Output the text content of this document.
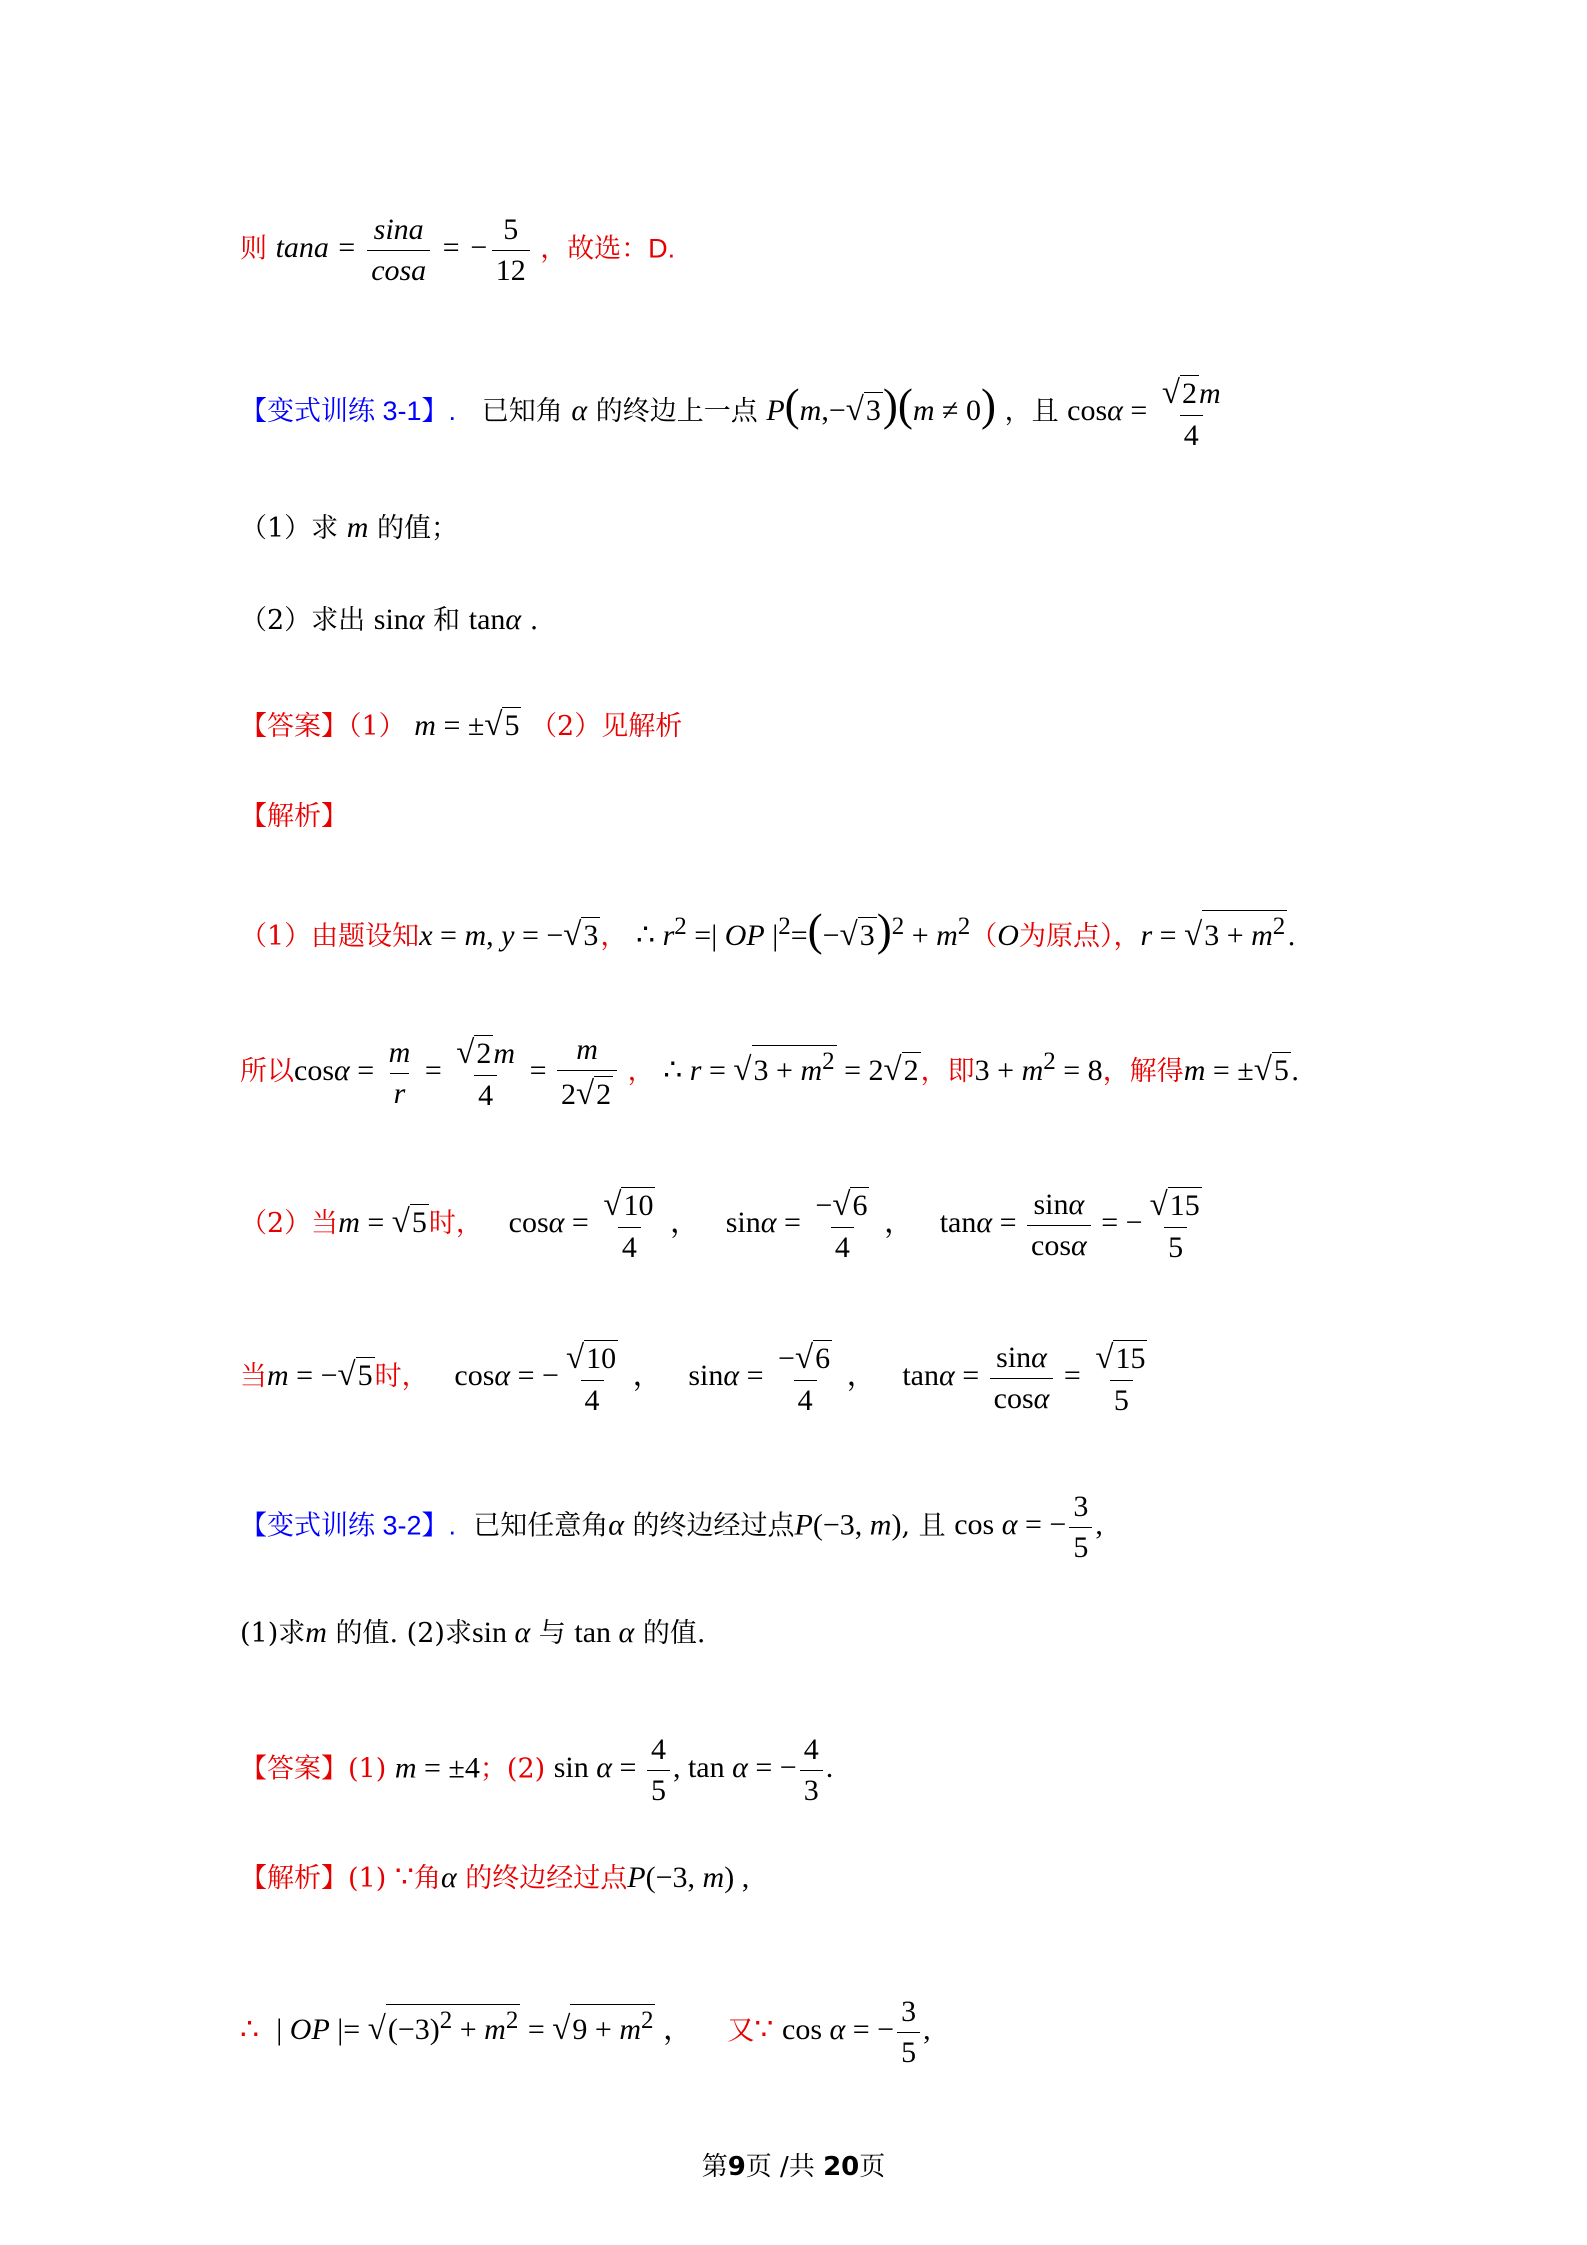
则 $\tan a = \frac{\sin a}{\cos a}$ = − $\frac{5}{12}$ ，故选：D.
【变式训练 3-1】. 已知角 α 的终边上一点 P(m,−√3)(m ≠ 0) ，且 $\cos\alpha = \frac{√2m}{4}$
（1）求 m 的值；
（2）求出 sinα 和 tanα .
【答案】（1） m = ±√5 （2）见解析
【解析】
（1）由题设知x = m, y = −√3， ∴ $r^2$ =| OP $|^2=(-√3)^2 + m^2(O$为原点），$r = √3 + m^2$.
所以$\cos\alpha = \frac{m}{r} = \frac{√2m}{4} = \frac{m}{2√2}$ ， ∴ $r = √3 + m^2 = 2√2$，即$3 + m^2 = 8$，解得m = ±√5.
（2）当m = √5时， $\cos\alpha = \frac{√10}{4}$ ， $\sin\alpha = \frac{-√6}{4}$ ， $\tan\alpha = \frac{\sin\alpha}{\cos\alpha}$ = − $\frac{√15}{5}$
当m = −√5时， cosα = − $\frac{√10}{4}$ ， $\sin\alpha = \frac{-√6}{4}$ ， $\tan\alpha = \frac{\sin\alpha}{\cos\alpha} = \frac{√15}{5}$
【变式训练 3-2】. 已知任意角α 的终边经过点P(−3, m), 且 cos α = − $\frac{3}{5}$ ,
(1)求m 的值. (2)求sin α 与 tan α 的值.
【答案】(1) m = ±4；(2) $\sin \alpha = \frac{4}{5}$ , tan α = − $\frac{4}{3}$ .
【解析】(1) ∵角α 的终边经过点P(−3, m) ,
∴ | OP |= $√(-3)^2 + m^2 = √9 + m^2$ ， 又∵ cos α = − $\frac{3}{5}$ ,
第9页 /共 20页
